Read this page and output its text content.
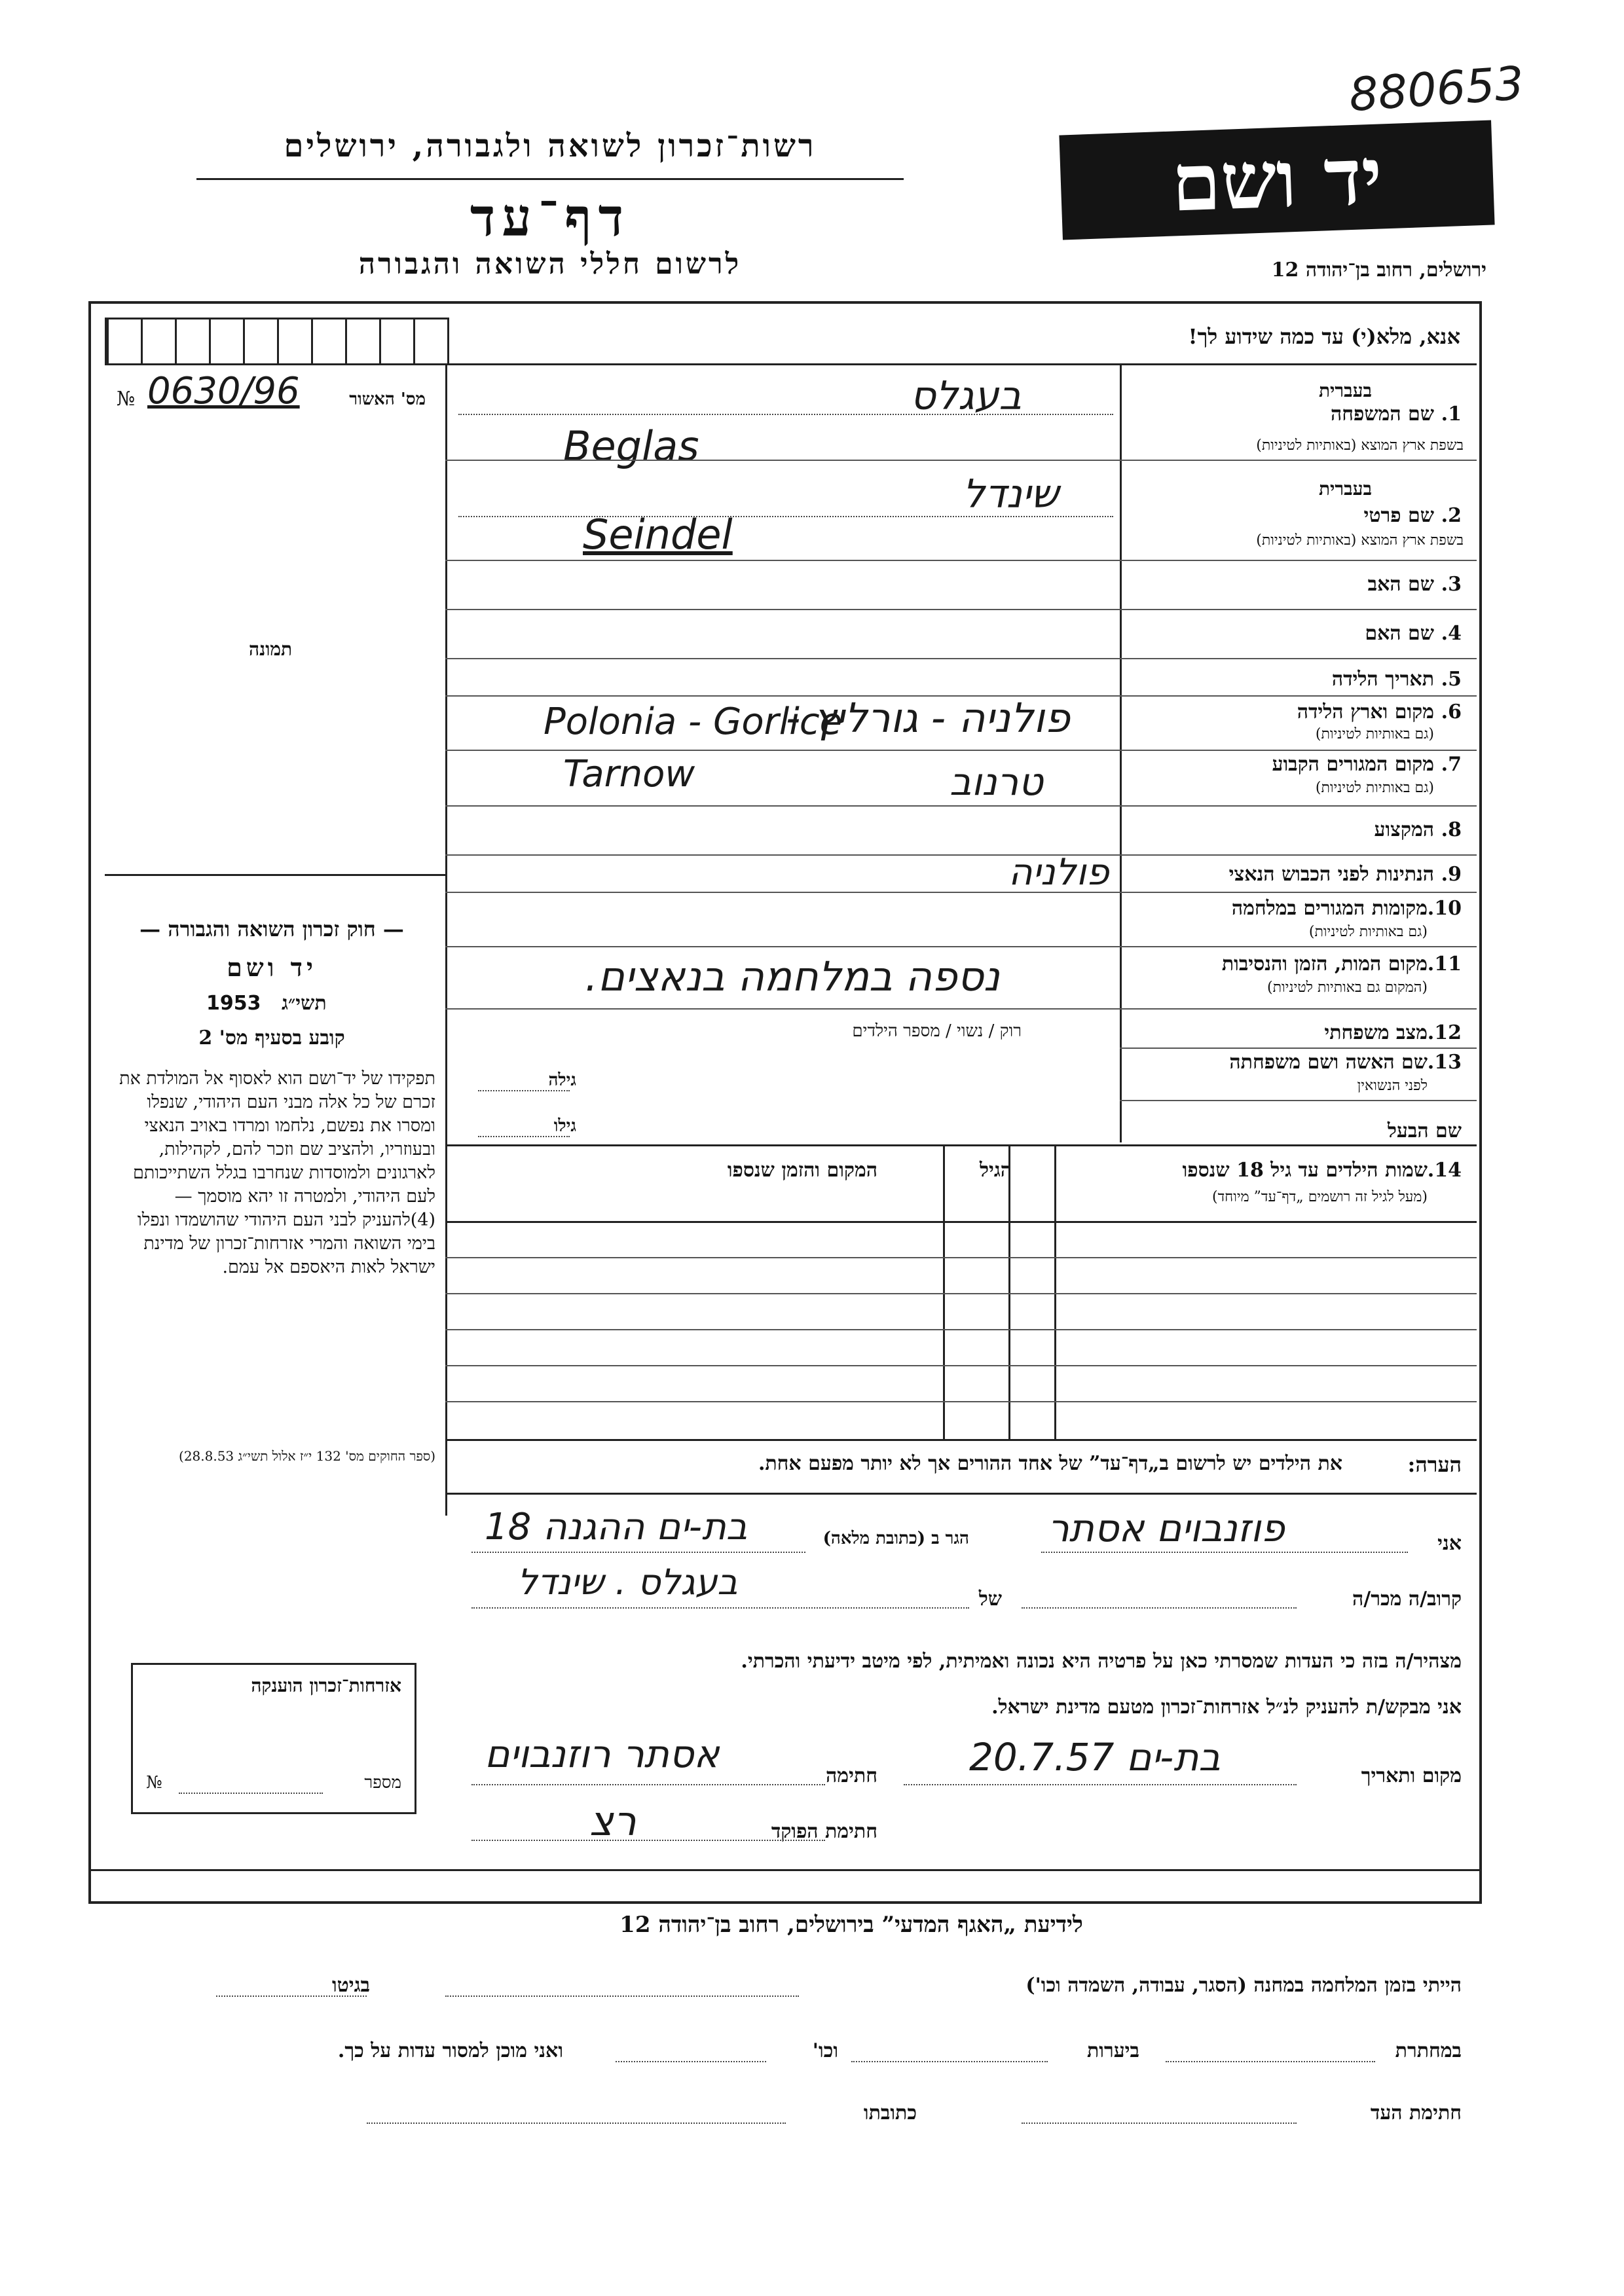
880653
רשות־זכרון לשואה ולגבורה, ירושלים
דף־עד
לרשום חללי השואה והגבורה
יד ושם
ירושלים, רחוב בן־יהודה 12
אנא, מלא(י) עד כמה שידוע לך!
מס' האשור
№ 0630/96
תמונה
1.
שם המשפחה
בעברית
בשפת ארץ המוצא (באותיות לטיניות)
בעגלס
Beglas
2.
שם פרטי
בעברית
בשפת ארץ המוצא (באותיות לטיניות)
שינדל
Seindel
3.
שם האב
4.
שם האם
5.
תאריך הלידה
6.
מקום וארץ הלידה
(גם באותיות לטיניות)
Polonia - Gorlice
פולניה - גורליץ -
7.
מקום המגורים הקבוע
(גם באותיות לטיניות)
Tarnow	טרנוב
8.
המקצוע
9.
הנתינות לפני הכבוש הנאצי
פולניה
10.
מקומות המגורים במלחמה
(גם באותיות לטיניות)
11.
מקום המות, הזמן והנסיבות
(המקום גם באותיות לטיניות)
נספה במלחמה בנאצים.
12.
מצב משפחתי
רוק / נשוי / מספר הילדים
13.
שם האשה ושם משפחתה
לפני הנשואין
גילה
שם הבעל
גילו
14.
שמות הילדים עד גיל 18 שנספו
(מעל לגיל זה רושמים „דף־עד” מיוחד)
הגיל
המקום והזמן שנספו
הערה:
את הילדים יש לרשום ב„דף־עד” של אחד ההורים אך לא יותר מפעם אחת.
— חוק זכרון השואה והגבורה —
יד ושם
תשי״ג
1953
קובע בסעיף מס' 2
תפקידו של יד־ושם הוא לאסוף אל המולדת את זכרם של כל אלה מבני העם היהודי, שנפלו ומסרו את נפשם, נלחמו ומרדו באויב הנאצי ובעוזריו, ולהציב שם וזכר להם, לקהילות, לארגונים ולמוסדות שנחרבו בגלל השתייכותם לעם היהודי, ולמטרה זו יהא מוסמך — (4)להעניק לבני העם היהודי שהושמדו ונפלו בימי השואה והמרי אזרחות־זכרון של מדינת ישראל לאות היאספם אל עמם.
(ספר החוקים מס' 132 י״ז אלול תשי״ג 28.8.53)
אני
פוזנבוים אסתר
הגר ב (כתובת מלאה)
בת-ים ההגנה 18
קרוב/ה מכר/ה
של
בעגלס . שינדל
מצהיר/ה בזה כי העדות שמסרתי כאן על פרטיה היא נכונה ואמיתית, לפי מיטב ידיעתי והכרתי.
אני מבקש/ת להעניק לנ״ל אזרחות־זכרון מטעם מדינת ישראל.
מקום ותאריך
בת-ים 20.7.57
חתימה
אסתר רוזנבוים
חתימת הפוקד
רצ
אזרחות־זכרון הוענקה
מספר
№
לידיעת „האגף המדעי” בירושלים, רחוב בן־יהודה 12
הייתי בזמן המלחמה במחנה (הסגר, עבודה, השמדה וכו')
בגיטו
במחתרת
ביערות
וכו'
ואני מוכן למסור עדות על כך.
חתימת העד
כתובתו
